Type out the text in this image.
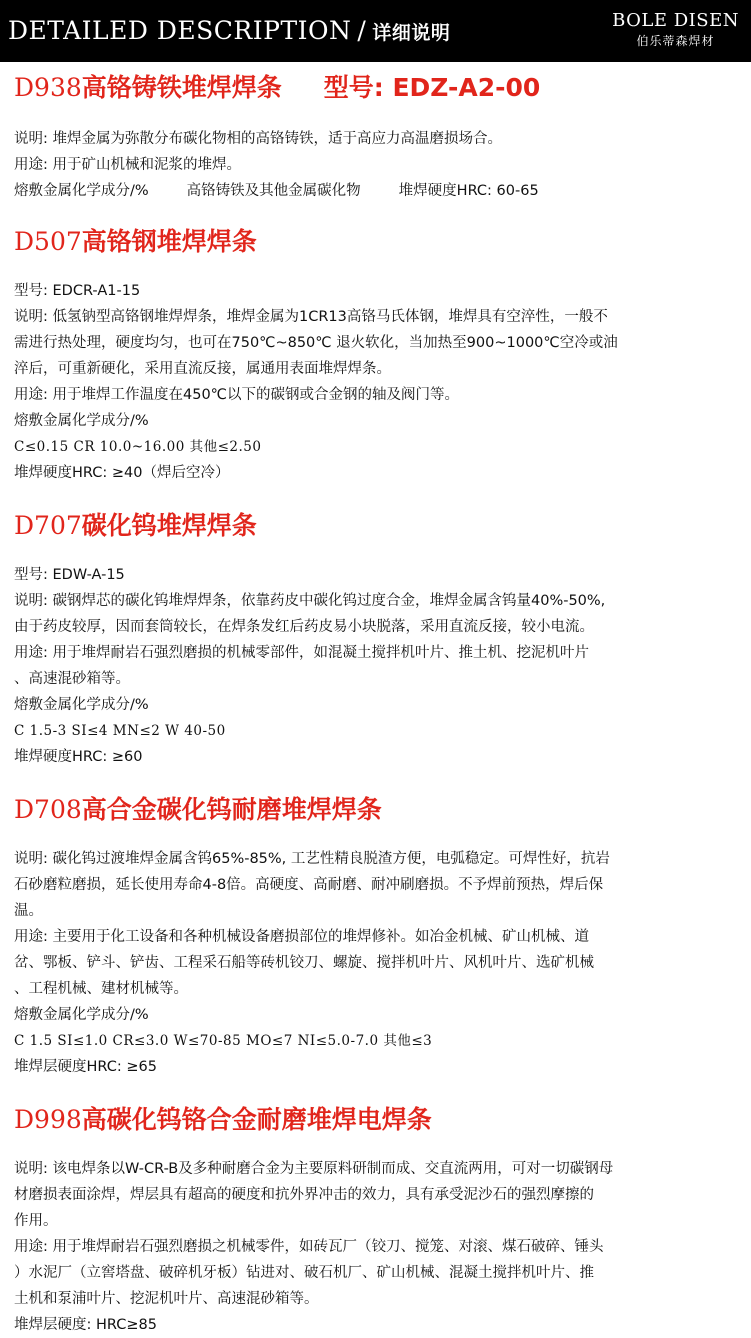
DETAILED DESCRIPTION / 详细说明
BOLE DISEN
伯乐蒂森焊材
D938高铬铸铁堆焊焊条 型号: EDZ-A2-00

说明: 堆焊金属为弥散分布碳化物相的高铬铸铁，适于高应力高温磨损场合。

用途: 用于矿山机械和泥浆的堆焊。

熔敷金属化学成分/%	高铬铸铁及其他金属碳化物	堆焊硬度HRC: 60-65

D507高铬钢堆焊焊条

型号: EDCR-A1-15

说明: 低氢钠型高铬钢堆焊焊条，堆焊金属为1CR13高铬马氏体钢，堆焊具有空淬性，一般不

需进行热处理，硬度均匀，也可在750℃~850℃ 退火软化，当加热至900~1000℃空冷或油

淬后，可重新硬化，采用直流反接，属通用表面堆焊焊条。

用途: 用于堆焊工作温度在450℃以下的碳钢或合金钢的轴及阀门等。

熔敷金属化学成分/%

C≤0.15 CR 10.0~16.00 其他≤2.50

堆焊硬度HRC: ≥40（焊后空冷）

D707碳化钨堆焊焊条

型号: EDW-A-15

说明: 碳钢焊芯的碳化钨堆焊焊条，依靠药皮中碳化钨过度合金，堆焊金属含钨量40%-50%,

由于药皮较厚，因而套筒较长，在焊条发红后药皮易小块脱落，采用直流反接，较小电流。

用途: 用于堆焊耐岩石强烈磨损的机械零部件，如混凝土搅拌机叶片、推土机、挖泥机叶片

、高速混砂箱等。

熔敷金属化学成分/%

C 1.5-3 SI≤4 MN≤2 W 40-50

堆焊硬度HRC: ≥60

D708高合金碳化钨耐磨堆焊焊条

说明: 碳化钨过渡堆焊金属含钨65%-85%, 工艺性精良脱渣方便，电弧稳定。可焊性好，抗岩

石砂磨粒磨损，延长使用寿命4-8倍。高硬度、高耐磨、耐冲刷磨损。不予焊前预热，焊后保

温。

用途: 主要用于化工设备和各种机械设备磨损部位的堆焊修补。如冶金机械、矿山机械、道

岔、鄂板、铲斗、铲齿、工程采石船等砖机铰刀、螺旋、搅拌机叶片、风机叶片、选矿机械

、工程机械、建材机械等。

熔敷金属化学成分/%

C 1.5 SI≤1.0 CR≤3.0 W≤70-85 MO≤7 NI≤5.0-7.0 其他≤3

堆焊层硬度HRC: ≥65

D998高碳化钨铬合金耐磨堆焊电焊条

说明: 该电焊条以W-CR-B及多种耐磨合金为主要原料研制而成、交直流两用，可对一切碳钢母

材磨损表面涂焊，焊层具有超高的硬度和抗外界冲击的效力，具有承受泥沙石的强烈摩擦的

作用。

用途: 用于堆焊耐岩石强烈磨损之机械零件，如砖瓦厂（铰刀、搅笼、对滚、煤石破碎、锤头

）水泥厂（立窖塔盘、破碎机牙板）钻进对、破石机厂、矿山机械、混凝土搅拌机叶片、推

土机和泵浦叶片、挖泥机叶片、高速混砂箱等。

堆焊层硬度: HRC≥85
